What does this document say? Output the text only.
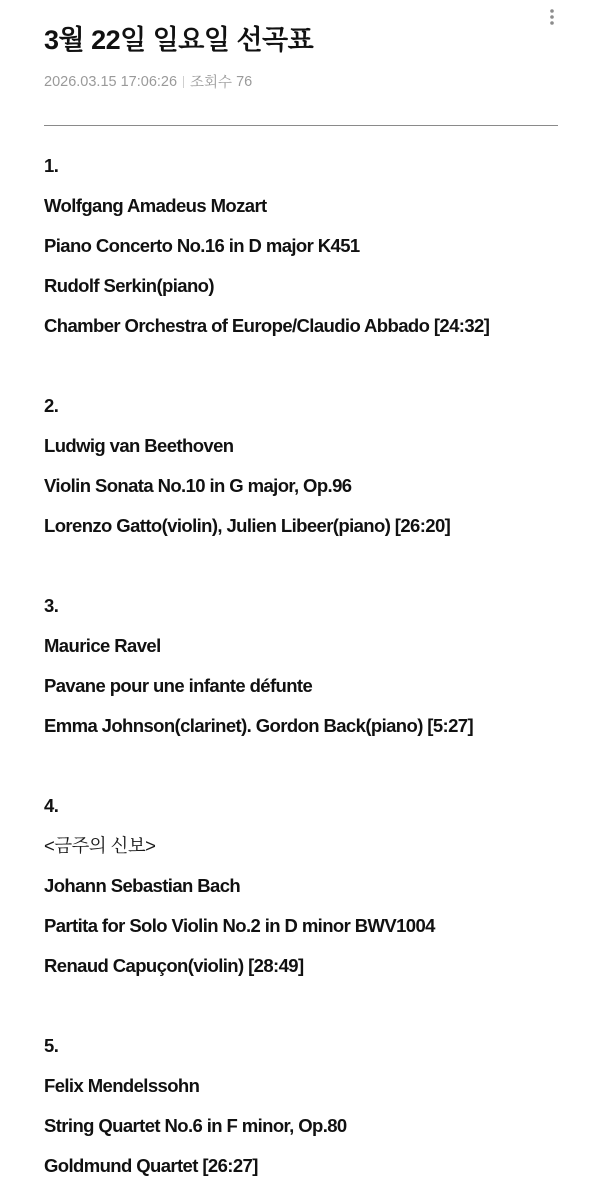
3월 22일 일요일 선곡표
2026.03.15 17:06:26 조회수 76
1.
Wolfgang Amadeus Mozart
Piano Concerto No.16 in D major K451
Rudolf Serkin(piano)
Chamber Orchestra of Europe/Claudio Abbado [24:32]
2.
Ludwig van Beethoven
Violin Sonata No.10 in G major, Op.96
Lorenzo Gatto(violin), Julien Libeer(piano) [26:20]
3.
Maurice Ravel
Pavane pour une infante défunte
Emma Johnson(clarinet). Gordon Back(piano) [5:27]
4.
<금주의 신보>
Johann Sebastian Bach
Partita for Solo Violin No.2 in D minor BWV1004
Renaud Capuçon(violin) [28:49]
5.
Felix Mendelssohn
String Quartet No.6 in F minor, Op.80
Goldmund Quartet [26:27]
